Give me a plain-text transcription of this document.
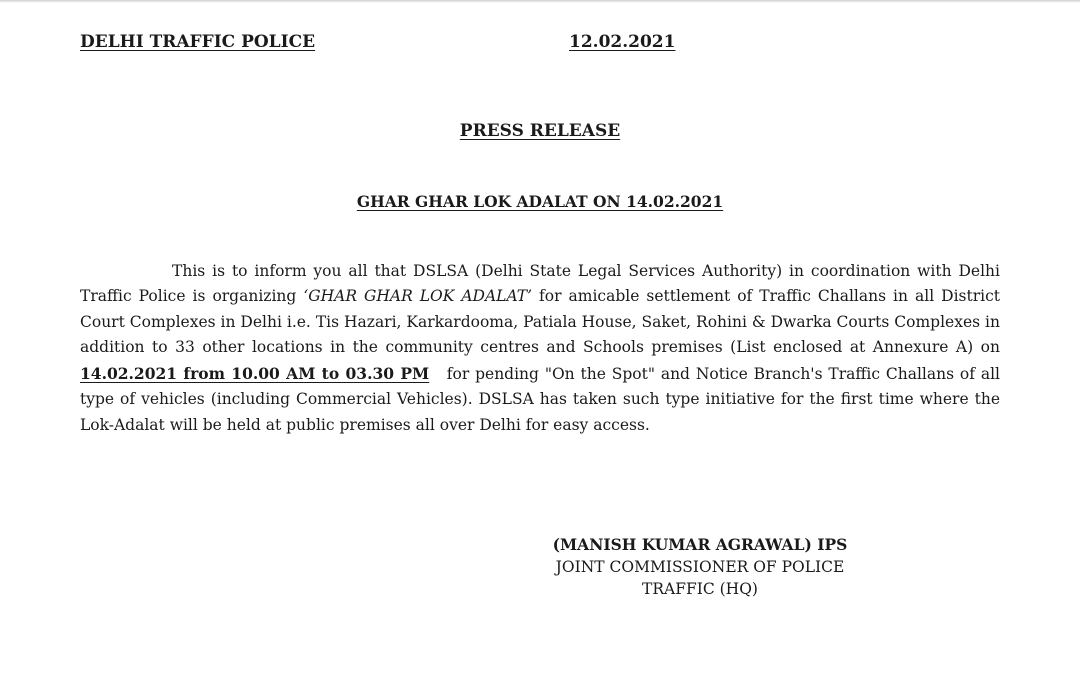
DELHI TRAFFIC POLICE	12.02.2021
PRESS RELEASE
GHAR GHAR LOK ADALAT ON 14.02.2021

This is to inform you all that DSLSA (Delhi State Legal Services Authority) in coordination with Delhi Traffic Police is organizing ‘GHAR GHAR LOK ADALAT’ for amicable settlement of Traffic Challans in all District Court Complexes in Delhi i.e. Tis Hazari, Karkardooma, Patiala House, Saket, Rohini & Dwarka Courts Complexes in addition to 33 other locations in the community centres and Schools premises (List enclosed at Annexure A) on 14.02.2021 from 10.00 AM to 03.30 PM   for pending "On the Spot" and Notice Branch's Traffic Challans of all type of vehicles (including Commercial Vehicles). DSLSA has taken such type initiative for the first time where the Lok-Adalat will be held at public premises all over Delhi for easy access.

(MANISH KUMAR AGRAWAL) IPS
JOINT COMMISSIONER OF POLICE
TRAFFIC (HQ)
